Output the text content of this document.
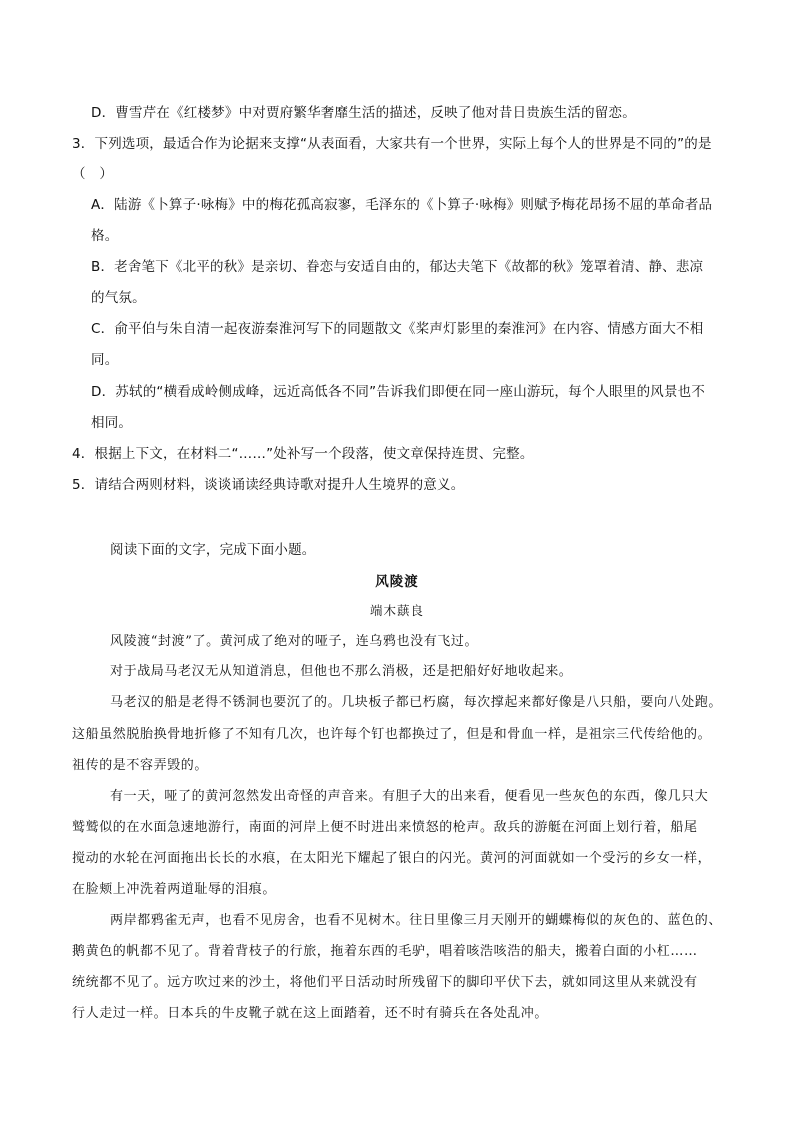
D．曹雪芹在《红楼梦》中对贾府繁华奢靡生活的描述，反映了他对昔日贵族生活的留恋。
3．下列选项，最适合作为论据来支撑“从表面看，大家共有一个世界，实际上每个人的世界是不同的”的是
（　）
A．陆游《卜算子·咏梅》中的梅花孤高寂寥，毛泽东的《卜算子·咏梅》则赋予梅花昂扬不屈的革命者品
格。
B．老舍笔下《北平的秋》是亲切、眷恋与安适自由的，郁达夫笔下《故都的秋》笼罩着清、静、悲凉
的气氛。
C．俞平伯与朱自清一起夜游秦淮河写下的同题散文《桨声灯影里的秦淮河》在内容、情感方面大不相
同。
D．苏轼的“横看成岭侧成峰，远近高低各不同”告诉我们即便在同一座山游玩，每个人眼里的风景也不
相同。
4．根据上下文，在材料二“……”处补写一个段落，使文章保持连贯、完整。
5．请结合两则材料，谈谈诵读经典诗歌对提升人生境界的意义。
阅读下面的文字，完成下面小题。
风陵渡
端木蕻良
风陵渡“封渡”了。黄河成了绝对的哑子，连乌鸦也没有飞过。
对于战局马老汉无从知道消息，但他也不那么消极，还是把船好好地收起来。
马老汉的船是老得不锈洞也要沉了的。几块板子都已朽腐，每次撑起来都好像是八只船，要向八处跑。
这船虽然脱胎换骨地折修了不知有几次，也许每个钉也都换过了，但是和骨血一样，是祖宗三代传给他的。
祖传的是不容弄毁的。
有一天，哑了的黄河忽然发出奇怪的声音来。有胆子大的出来看，便看见一些灰色的东西，像几只大
鹫鹫似的在水面急速地游行，南面的河岸上便不时进出来愤怒的枪声。敌兵的游艇在河面上划行着，船尾
搅动的水轮在河面拖出长长的水痕，在太阳光下耀起了银白的闪光。黄河的河面就如一个受污的乡女一样，
在脸颊上冲洗着两道耻辱的泪痕。
两岸都鸦雀无声，也看不见房舍，也看不见树木。往日里像三月天刚开的蝴蝶梅似的灰色的、蓝色的、
鹅黄色的帆都不见了。背着背枝子的行旅，拖着东西的毛驴，唱着咳浩咳浩的船夫，搬着白面的小杠……
统统都不见了。远方吹过来的沙土，将他们平日活动时所残留下的脚印平伏下去，就如同这里从来就没有
行人走过一样。日本兵的牛皮靴子就在这上面踏着，还不时有骑兵在各处乱冲。
